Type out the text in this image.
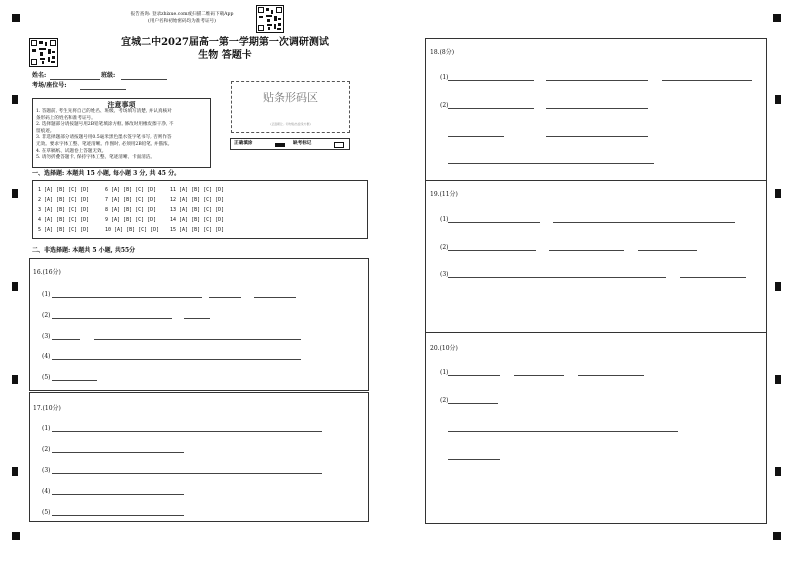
报告查询: 登录zhixue.com或扫描二维码下载App
(用户名和初始密码均为准考证号)
宜城二中2027届高一第一学期第一次调研测试
生物 答题卡
姓名:	班级:
考场/座位号:
贴条形码区
(正面朝上, 切勿贴出虚线方框)
正确填涂	缺考标记
注意事项
1. 答题前, 考生先将自己的姓名、班级、考场填写清楚, 并认真核对
条形码上的姓名和准考证号。
2. 选择题部分请按题号用2B铅笔填涂方框, 修改时用橡皮擦干净, 不
留痕迹。
3. 非选择题部分请按题号用0.5毫米黑色墨水签字笔书写, 否则作答
无效。要求字体工整、笔迹清晰。作图时, 必须用2B铅笔, 并描浓。
4. 在草稿纸、试题卷上答题无效。
5. 请勿折叠答题卡, 保持字体工整、笔迹清晰、卡面清洁。
一、选择题: 本题共 15 小题, 每小题 3 分, 共 45 分。
1 [A] [B] [C] [D]	6 [A] [B] [C] [D]	11 [A] [B] [C] [D]
2 [A] [B] [C] [D]	7 [A] [B] [C] [D]	12 [A] [B] [C] [D]
3 [A] [B] [C] [D]	8 [A] [B] [C] [D]	13 [A] [B] [C] [D]
4 [A] [B] [C] [D]	9 [A] [B] [C] [D]	14 [A] [B] [C] [D]
5 [A] [B] [C] [D]	10 [A] [B] [C] [D] 15 [A] [B] [C] [D]
二、非选择题: 本题共 5 小题, 共55分
16.(16分)
(1)
(2)
(3)
(4)
(5)
17.(10分)
(1)
(2)
(3)
(4)
(5)
18.(8分)
(1)
(2)
19.(11分)
(1)
(2)
(3)
20.(10分)
(1)
(2)
